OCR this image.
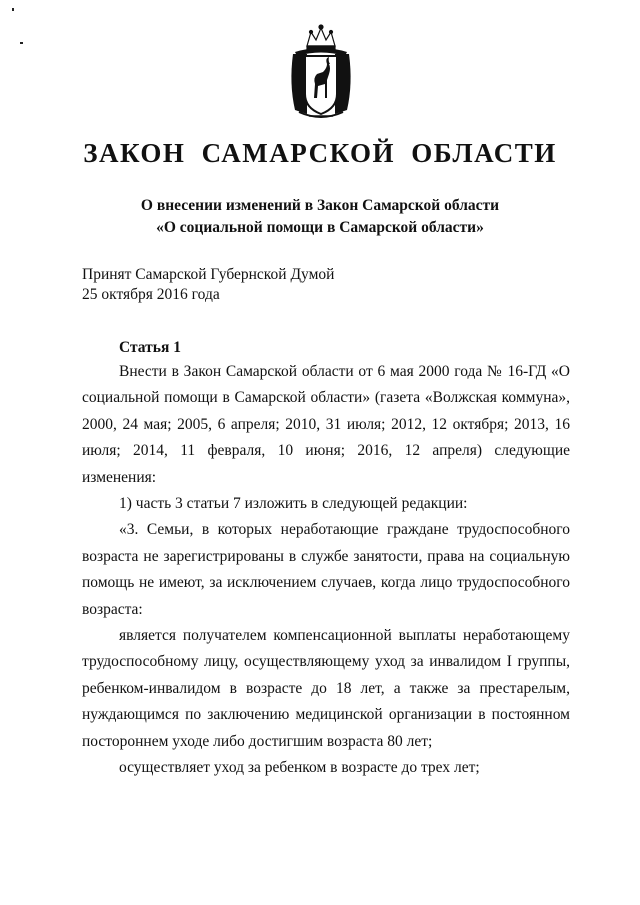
ЗАКОН САМАРСКОЙ ОБЛАСТИ
О внесении изменений в Закон Самарской области
«О социальной помощи в Самарской области»
Принят Самарской Губернской Думой
25 октября 2016 года
Статья 1

Внести в Закон Самарской области от 6 мая 2000 года № 16-ГД «О социальной помощи в Самарской области» (газета «Волжская коммуна», 2000, 24 мая; 2005, 6 апреля; 2010, 31 июля; 2012, 12 октября; 2013, 16 июля; 2014, 11 февраля, 10 июня; 2016, 12 апреля) следующие изменения:

1) часть 3 статьи 7 изложить в следующей редакции:

«3. Семьи, в которых неработающие граждане трудоспособного возраста не зарегистрированы в службе занятости, права на социальную помощь не имеют, за исключением случаев, когда лицо трудоспособного возраста:

является получателем компенсационной выплаты неработающему трудоспособному лицу, осуществляющему уход за инвалидом I группы, ребенком-инвалидом в возрасте до 18 лет, а также за престарелым, нуждающимся по заключению медицинской организации в постоянном постороннем уходе либо достигшим возраста 80 лет;

осуществляет уход за ребенком в возрасте до трех лет;
